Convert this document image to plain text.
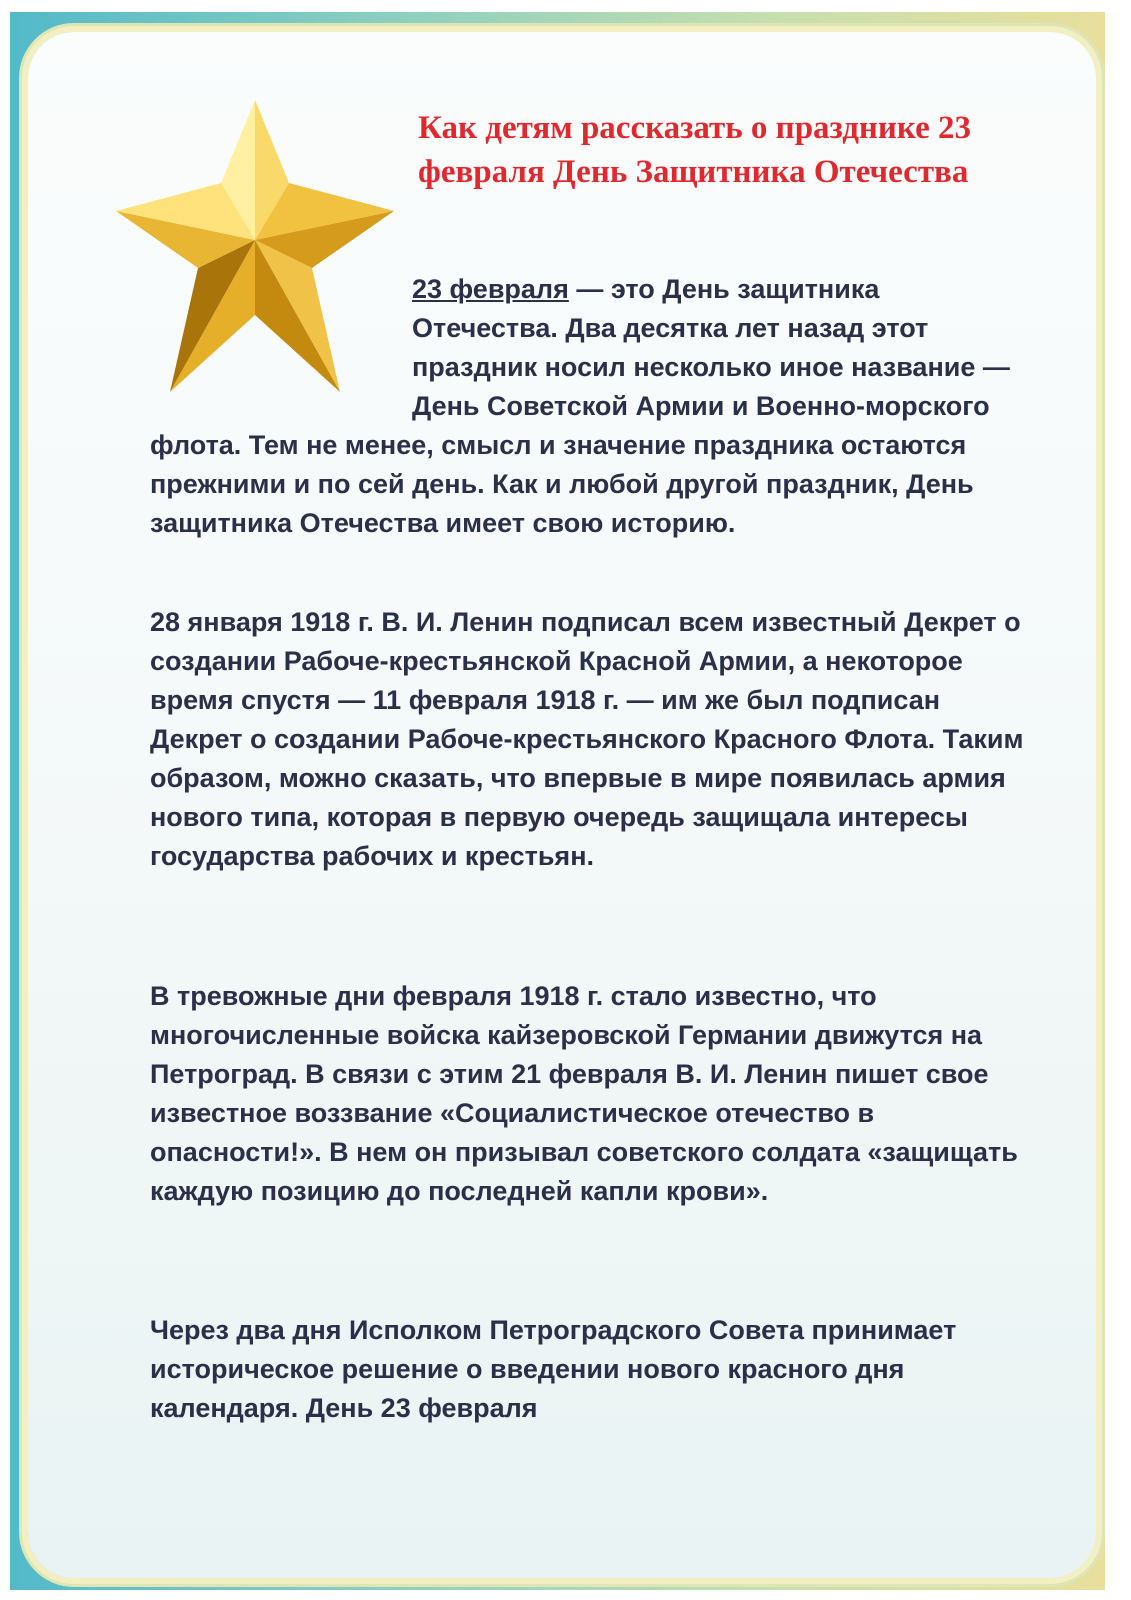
Как детям рассказать о празднике 23 февраля День Защитника Отечества

23 февраля — это День защитника Отечества. Два десятка лет назад этот праздник носил несколько иное название — День Советской Армии и Военно-морского флота. Тем не менее, смысл и значение праздника остаются прежними и по сей день. Как и любой другой праздник, День защитника Отечества имеет свою историю.

28 января 1918 г. В. И. Ленин подписал всем известный Декрет о создании Рабоче-крестьянской Красной Армии, а некоторое время спустя — 11 февраля 1918 г. — им же был подписан Декрет о создании Рабоче-крестьянского Красного Флота. Таким образом, можно сказать, что впервые в мире появилась армия нового типа, которая в первую очередь защищала интересы государства рабочих и крестьян.

В тревожные дни февраля 1918 г. стало известно, что многочисленные войска кайзеровской Германии движутся на Петроград. В связи с этим 21 февраля В. И. Ленин пишет свое известное воззвание «Социалистическое отечество в опасности!». В нем он призывал советского солдата «защищать каждую позицию до последней капли крови».

Через два дня Исполком Петроградского Совета принимает историческое решение о введении нового красного дня календаря. День 23 февраля
